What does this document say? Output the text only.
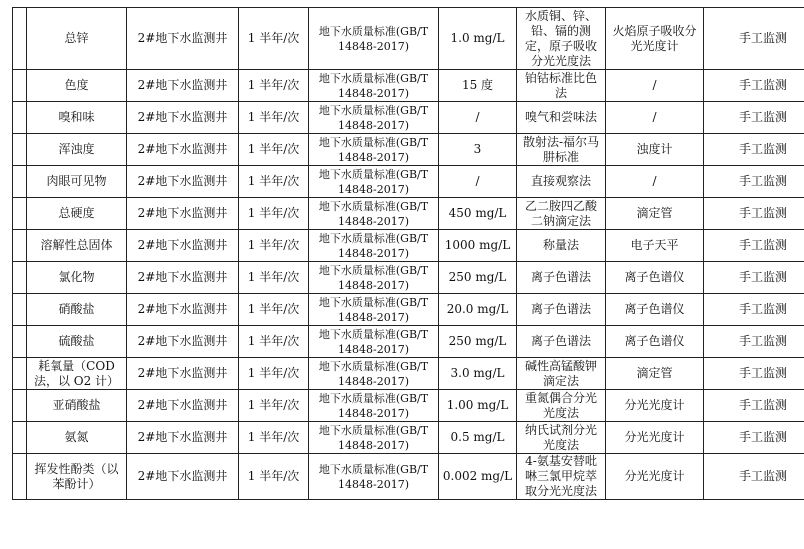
	总锌	2#地下水监测井	1 半年/次	地下水质量标准(GB/T 14848-2017)	1.0 mg/L	水质铜、锌、铅、镉的测定，原子吸收分光光度法	火焰原子吸收分光光度计	手工监测
	色度	2#地下水监测井	1 半年/次	地下水质量标准(GB/T 14848-2017)	15 度	铂钴标准比色法	/	手工监测
	嗅和味	2#地下水监测井	1 半年/次	地下水质量标准(GB/T 14848-2017)	/	嗅气和尝味法	/	手工监测
	浑浊度	2#地下水监测井	1 半年/次	地下水质量标准(GB/T 14848-2017)	3	散射法-福尔马肼标准	浊度计	手工监测
	肉眼可见物	2#地下水监测井	1 半年/次	地下水质量标准(GB/T 14848-2017)	/	直接观察法	/	手工监测
	总硬度	2#地下水监测井	1 半年/次	地下水质量标准(GB/T 14848-2017)	450 mg/L	乙二胺四乙酸二钠滴定法	滴定管	手工监测
	溶解性总固体	2#地下水监测井	1 半年/次	地下水质量标准(GB/T 14848-2017)	1000 mg/L	称量法	电子天平	手工监测
	氯化物	2#地下水监测井	1 半年/次	地下水质量标准(GB/T 14848-2017)	250 mg/L	离子色谱法	离子色谱仪	手工监测
	硝酸盐	2#地下水监测井	1 半年/次	地下水质量标准(GB/T 14848-2017)	20.0 mg/L	离子色谱法	离子色谱仪	手工监测
	硫酸盐	2#地下水监测井	1 半年/次	地下水质量标准(GB/T 14848-2017)	250 mg/L	离子色谱法	离子色谱仪	手工监测
	耗氧量（COD 法，以 O2 计）	2#地下水监测井	1 半年/次	地下水质量标准(GB/T 14848-2017)	3.0 mg/L	碱性高锰酸钾滴定法	滴定管	手工监测
	亚硝酸盐	2#地下水监测井	1 半年/次	地下水质量标准(GB/T 14848-2017)	1.00 mg/L	重氮偶合分光光度法	分光光度计	手工监测
	氨氮	2#地下水监测井	1 半年/次	地下水质量标准(GB/T 14848-2017)	0.5 mg/L	纳氏试剂分光光度法	分光光度计	手工监测
	挥发性酚类（以苯酚计）	2#地下水监测井	1 半年/次	地下水质量标准(GB/T 14848-2017)	0.002 mg/L	4-氨基安替吡啉三氯甲烷萃取分光光度法	分光光度计	手工监测
